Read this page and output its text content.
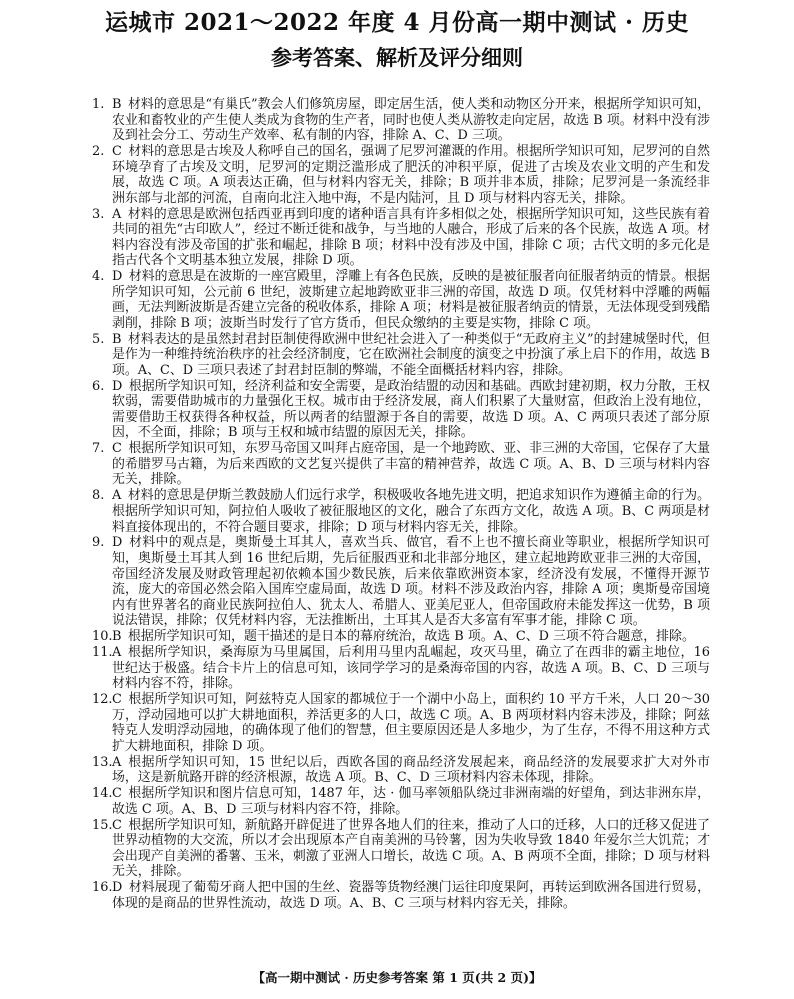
运城市 2021～2022 年度 4 月份高一期中测试 · 历史
参考答案、解析及评分细则
1. B  材料的意思是“有巢氏”教会人们修筑房屋，即定居生活，使人类和动物区分开来，根据所学知识可知，农业和畜牧业的产生使人类成为食物的生产者，同时也使人类从游牧走向定居，故选 B 项。材料中没有涉及到社会分工、劳动生产效率、私有制的内容，排除 A、C、D 三项。
2. C  材料的意思是古埃及人称呼自己的国名，强调了尼罗河灌溉的作用。根据所学知识可知，尼罗河的自然环境孕育了古埃及文明，尼罗河的定期泛滥形成了肥沃的冲积平原，促进了古埃及农业文明的产生和发展，故选 C 项。A 项表达正确，但与材料内容无关，排除；B 项并非本质，排除；尼罗河是一条流经非洲东部与北部的河流，自南向北注入地中海，不是内陆河，且 D 项与材料内容无关，排除。
3. A  材料的意思是欧洲包括西亚再到印度的诸种语言具有许多相似之处，根据所学知识可知，这些民族有着共同的祖先“古印欧人”，经过不断迁徙和战争，与当地的人融合，形成了后来的各个民族，故选 A 项。材料内容没有涉及帝国的扩张和崛起，排除 B 项；材料中没有涉及中国，排除 C 项；古代文明的多元化是指古代各个文明基本独立发展，排除 D 项。
4. D  材料的意思是在波斯的一座宫殿里，浮雕上有各色民族，反映的是被征服者向征服者纳贡的情景。根据所学知识可知，公元前 6 世纪，波斯建立起地跨欧亚非三洲的帝国，故选 D 项。仅凭材料中浮雕的两幅画，无法判断波斯是否建立完备的税收体系，排除 A 项；材料是被征服者纳贡的情景，无法体现受到残酷剥削，排除 B 项；波斯当时发行了官方货币，但民众缴纳的主要是实物，排除 C 项。
5. B  材料表达的是虽然封君封臣制使得欧洲中世纪社会进入了一种类似于“无政府主义”的封建城堡时代，但是作为一种维持统治秩序的社会经济制度，它在欧洲社会制度的演变之中扮演了承上启下的作用，故选 B 项。A、C、D 三项只表述了封君封臣制的弊端，不能全面概括材料内容，排除。
6. D  根据所学知识可知，经济利益和安全需要，是政治结盟的动因和基础。西欧封建初期，权力分散，王权软弱，需要借助城市的力量强化王权。城市由于经济发展，商人们积累了大量财富，但政治上没有地位，需要借助王权获得各种权益，所以两者的结盟源于各自的需要，故选 D 项。A、C 两项只表述了部分原因，不全面，排除；B 项与王权和城市结盟的原因无关，排除。
7. C  根据所学知识可知，东罗马帝国又叫拜占庭帝国，是一个地跨欧、亚、非三洲的大帝国，它保存了大量的希腊罗马古籍，为后来西欧的文艺复兴提供了丰富的精神营养，故选 C 项。A、B、D 三项与材料内容无关，排除。
8. A  材料的意思是伊斯兰教鼓励人们远行求学，积极吸收各地先进文明，把追求知识作为遵循主命的行为。根据所学知识可知，阿拉伯人吸收了被征服地区的文化，融合了东西方文化，故选 A 项。B、C 两项是材料直接体现出的，不符合题目要求，排除；D 项与材料内容无关，排除。
9. D  材料中的观点是，奥斯曼土耳其人，喜欢当兵、做官，看不上也不擅长商业等职业，根据所学知识可知，奥斯曼土耳其人到 16 世纪后期，先后征服西亚和北非部分地区，建立起地跨欧亚非三洲的大帝国，帝国经济发展及财政管理起初依赖本国少数民族，后来依靠欧洲资本家，经济没有发展，不懂得开源节流，庞大的帝国必然会陷入国库空虚局面，故选 D 项。材料不涉及政治内容，排除 A 项；奥斯曼帝国境内有世界著名的商业民族阿拉伯人、犹太人、希腊人、亚美尼亚人，但帝国政府未能发挥这一优势，B 项说法错误，排除；仅凭材料内容，无法推断出，土耳其人是否大多富有军事才能，排除 C 项。
10. B  根据所学知识可知，题干描述的是日本的幕府统治，故选 B 项。A、C、D 三项不符合题意，排除。
11. A  根据所学知识，桑海原为马里属国，后利用马里内乱崛起，攻灭马里，确立了在西非的霸主地位，16 世纪达于极盛。结合卡片上的信息可知，该同学学习的是桑海帝国的内容，故选 A 项。B、C、D 三项与材料内容不符，排除。
12. C  根据所学知识可知，阿兹特克人国家的都城位于一个湖中小岛上，面积约 10 平方千米，人口 20～30 万，浮动园地可以扩大耕地面积，养活更多的人口，故选 C 项。A、B 两项材料内容未涉及，排除；阿兹特克人发明浮动园地，的确体现了他们的智慧，但主要原因还是人多地少，为了生存，不得不用这种方式扩大耕地面积，排除 D 项。
13. A  根据所学知识可知，15 世纪以后，西欧各国的商品经济发展起来，商品经济的发展要求扩大对外市场，这是新航路开辟的经济根源，故选 A 项。B、C、D 三项材料内容未体现，排除。
14. C  根据所学知识和图片信息可知，1487 年，达 · 伽马率领船队绕过非洲南端的好望角，到达非洲东岸，故选 C 项。A、B、D 三项与材料内容不符，排除。
15. C  根据所学知识可知，新航路开辟促进了世界各地人们的往来，推动了人口的迁移，人口的迁移又促进了世界动植物的大交流，所以才会出现原本产自南美洲的马铃薯，因为失收导致 1840 年爱尔兰大饥荒；才会出现产自美洲的番薯、玉米，刺激了亚洲人口增长，故选 C 项。A、B 两项不全面，排除；D 项与材料无关，排除。
16. D  材料展现了葡萄牙商人把中国的生丝、瓷器等货物经澳门运往印度果阿，再转运到欧洲各国进行贸易，体现的是商品的世界性流动，故选 D 项。A、B、C 三项与材料内容无关，排除。
【高一期中测试 · 历史参考答案 第 1 页(共 2 页)】
